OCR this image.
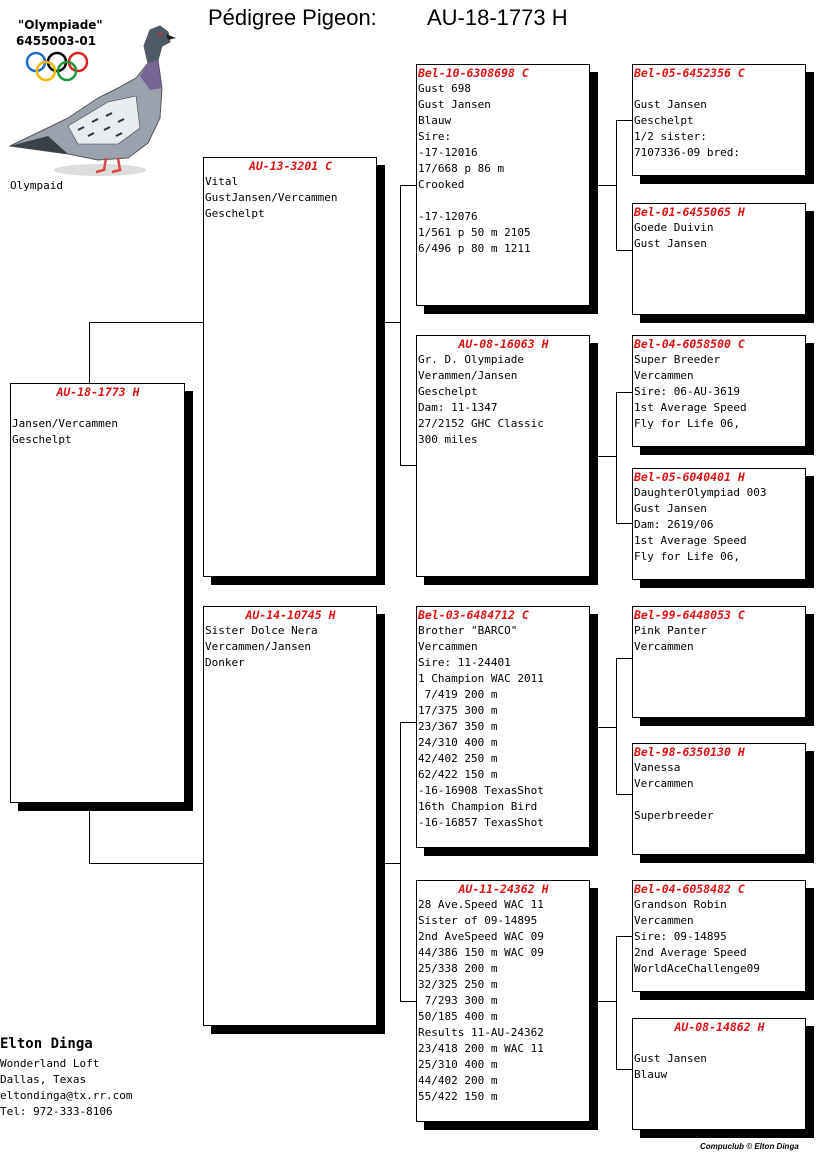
Pédigree Pigeon: AU-18-1773 H
"Olympiade"
6455003-01
Olympaid
AU-18-1773 H
Jansen/Vercammen
Geschelpt
AU-13-3201 C
Vital
GustJansen/Vercammen
Geschelpt
AU-14-10745 H
Sister Dolce Nera
Vercammen/Jansen
Donker
Bel-10-6308698 C
Gust 698
Gust Jansen
Blauw
Sire:
-17-12016
17/668 p 86 m
Crooked
-17-12076
1/561 p 50 m 2105
6/496 p 80 m 1211
AU-08-16063 H
Gr. D. Olympiade
Verammen/Jansen
Geschelpt
Dam: 11-1347
27/2152 GHC Classic
300 miles
Bel-03-6484712 C
Brother "BARCO"
Vercammen
Sire: 11-24401
1 Champion WAC 2011
7/419 200 m
17/375 300 m
23/367 350 m
24/310 400 m
42/402 250 m
62/422 150 m
-16-16908 TexasShot
16th Champion Bird
-16-16857 TexasShot
AU-11-24362 H
28 Ave.Speed WAC 11
Sister of 09-14895
2nd AveSpeed WAC 09
44/386 150 m WAC 09
25/338 200 m
32/325 250 m
7/293 300 m
50/185 400 m
Results 11-AU-24362
23/418 200 m WAC 11
25/310 400 m
44/402 200 m
55/422 150 m
Bel-05-6452356 C
Gust Jansen
Geschelpt
1/2 sister:
7107336-09 bred:
Bel-01-6455065 H
Goede Duivin
Gust Jansen
Bel-04-6058500 C
Super Breeder
Vercammen
Sire: 06-AU-3619
1st Average Speed
Fly for Life 06,
Bel-05-6040401 H
DaughterOlympiad 003
Gust Jansen
Dam: 2619/06
1st Average Speed
Fly for Life 06,
Bel-99-6448053 C
Pink Panter
Vercammen
Bel-98-6350130 H
Vanessa
Vercammen
Superbreeder
Bel-04-6058482 C
Grandson Robin
Vercammen
Sire: 09-14895
2nd Average Speed
WorldAceChallenge09
AU-08-14862 H
Gust Jansen
Blauw
Elton Dinga
Wonderland Loft
Dallas, Texas
eltondinga@tx.rr.com
Tel: 972-333-8106
Compuclub © Elton Dinga
